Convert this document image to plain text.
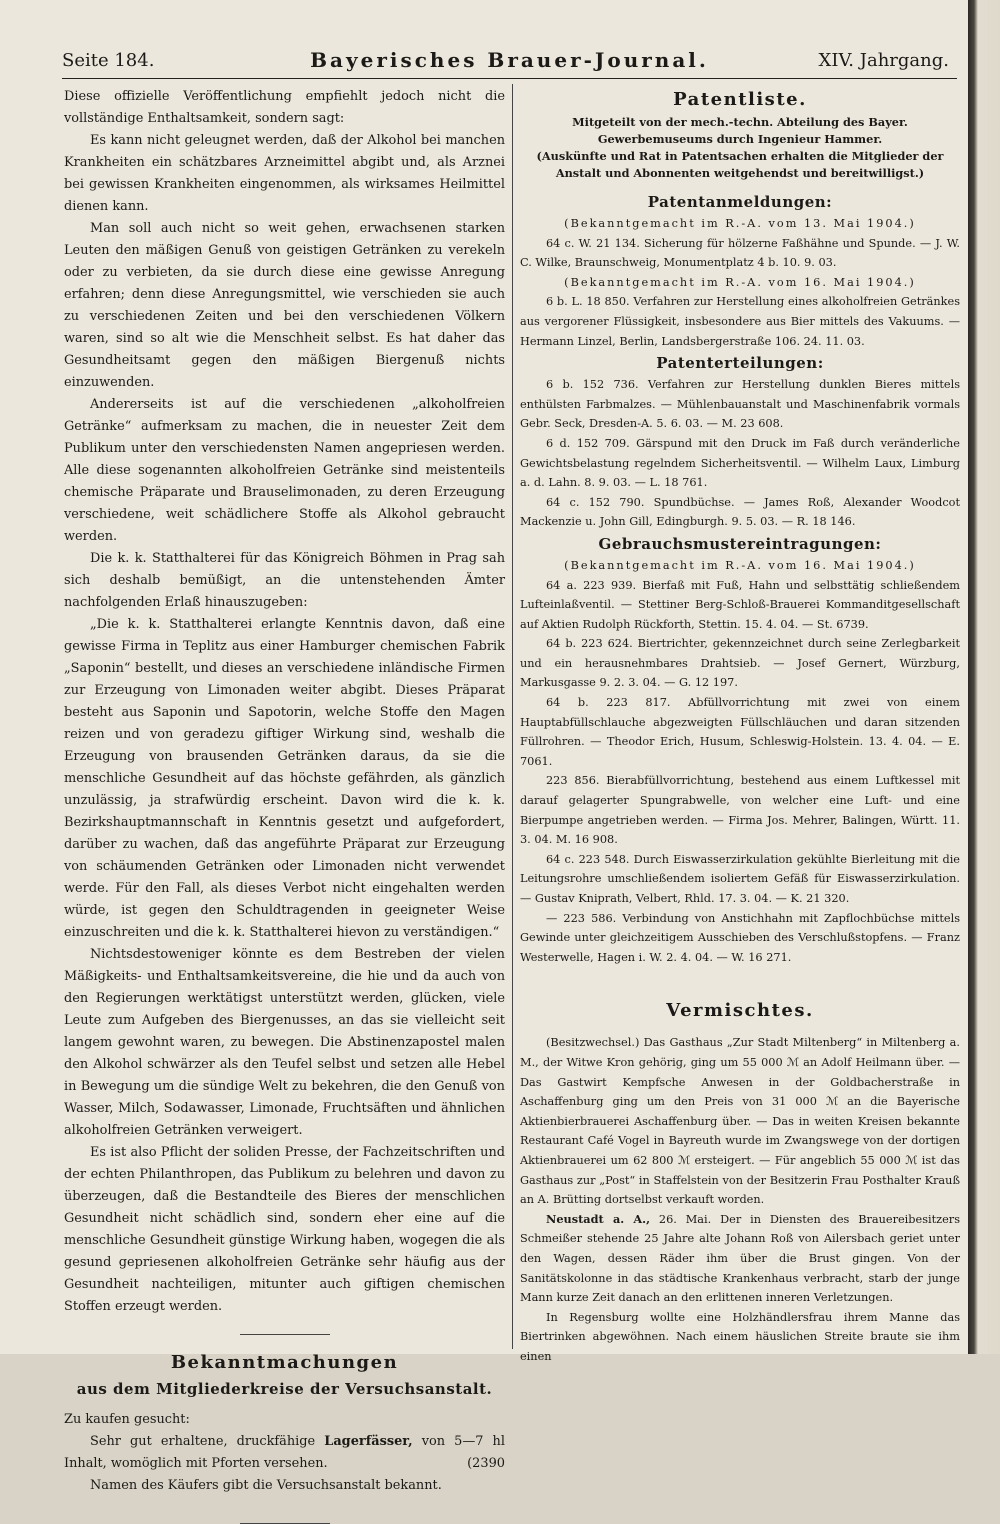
Seite 184.	Bayerisches Brauer-Journal.	XIV. Jahrgang.

Diese offizielle Veröffentlichung empfiehlt jedoch nicht die vollständige Enthaltsamkeit, sondern sagt:

Es kann nicht geleugnet werden, daß der Alkohol bei manchen Krankheiten ein schätzbares Arzneimittel abgibt und, als Arznei bei gewissen Krankheiten eingenommen, als wirksames Heilmittel dienen kann.

Man soll auch nicht so weit gehen, erwachsenen starken Leuten den mäßigen Genuß von geistigen Getränken zu verekeln oder zu verbieten, da sie durch diese eine gewisse Anregung erfahren; denn diese Anregungsmittel, wie verschieden sie auch zu verschiedenen Zeiten und bei den verschiedenen Völkern waren, sind so alt wie die Menschheit selbst. Es hat daher das Gesundheitsamt gegen den mäßigen Biergenuß nichts einzuwenden.

Andererseits ist auf die verschiedenen „alkoholfreien Getränke“ aufmerksam zu machen, die in neuester Zeit dem Publikum unter den verschiedensten Namen angepriesen werden. Alle diese sogenannten alkoholfreien Getränke sind meistenteils chemische Präparate und Brauselimonaden, zu deren Erzeugung verschiedene, weit schädlichere Stoffe als Alkohol gebraucht werden.

Die k. k. Statthalterei für das Königreich Böhmen in Prag sah sich deshalb bemüßigt, an die untenstehenden Ämter nachfolgenden Erlaß hinauszugeben:

„Die k. k. Statthalterei erlangte Kenntnis davon, daß eine gewisse Firma in Teplitz aus einer Hamburger chemischen Fabrik „Saponin“ bestellt, und dieses an verschiedene inländische Firmen zur Erzeugung von Limonaden weiter abgibt. Dieses Präparat besteht aus Saponin und Sapotorin, welche Stoffe den Magen reizen und von geradezu giftiger Wirkung sind, weshalb die Erzeugung von brausenden Getränken daraus, da sie die menschliche Gesundheit auf das höchste gefährden, als gänzlich unzulässig, ja strafwürdig erscheint. Davon wird die k. k. Bezirkshauptmannschaft in Kenntnis gesetzt und aufgefordert, darüber zu wachen, daß das angeführte Präparat zur Erzeugung von schäumenden Getränken oder Limonaden nicht verwendet werde. Für den Fall, als dieses Verbot nicht eingehalten werden würde, ist gegen den Schuldtragenden in geeigneter Weise einzuschreiten und die k. k. Statthalterei hievon zu verständigen.“

Nichtsdestoweniger könnte es dem Bestreben der vielen Mäßigkeits- und Enthaltsamkeitsvereine, die hie und da auch von den Regierungen werktätigst unterstützt werden, glücken, viele Leute zum Aufgeben des Biergenusses, an das sie vielleicht seit langem gewohnt waren, zu bewegen. Die Abstinenzapostel malen den Alkohol schwärzer als den Teufel selbst und setzen alle Hebel in Bewegung um die sündige Welt zu bekehren, die den Genuß von Wasser, Milch, Sodawasser, Limonade, Fruchtsäften und ähnlichen alkoholfreien Getränken verweigert.

Es ist also Pflicht der soliden Presse, der Fachzeitschriften und der echten Philanthropen, das Publikum zu belehren und davon zu überzeugen, daß die Bestandteile des Bieres der menschlichen Gesundheit nicht schädlich sind, sondern eher eine auf die menschliche Gesundheit günstige Wirkung haben, wogegen die als gesund gepriesenen alkoholfreien Getränke sehr häufig aus der Gesundheit nachteiligen, mitunter auch giftigen chemischen Stoffen erzeugt werden.

Bekanntmachungen

aus dem Mitgliederkreise der Versuchsanstalt.

Zu kaufen gesucht:

Sehr gut erhaltene, druckfähige Lagerfässer, von 5—7 hl Inhalt, womöglich mit Pforten versehen.	(2390

Namen des Käufers gibt die Versuchsanstalt bekannt.

Patentliste.

Mitgeteilt von der mech.-techn. Abteilung des Bayer. Gewerbemuseums durch Ingenieur Hammer.

(Auskünfte und Rat in Patentsachen erhalten die Mitglieder der Anstalt und Abonnenten weitgehendst und bereitwilligst.)

Patentanmeldungen:

(Bekanntgemacht im R.-A. vom 13. Mai 1904.)

64 c. W. 21 134. Sicherung für hölzerne Faßhähne und Spunde. — J. W. C. Wilke, Braunschweig, Monumentplatz 4 b. 10. 9. 03.

(Bekanntgemacht im R.-A. vom 16. Mai 1904.)

6 b. L. 18 850. Verfahren zur Herstellung eines alkoholfreien Getränkes aus vergorener Flüssigkeit, insbesondere aus Bier mittels des Vakuums. — Hermann Linzel, Berlin, Landsbergerstraße 106. 24. 11. 03.

Patenterteilungen:

6 b. 152 736. Verfahren zur Herstellung dunklen Bieres mittels enthülsten Farbmalzes. — Mühlenbauanstalt und Maschinenfabrik vormals Gebr. Seck, Dresden-A. 5. 6. 03. — M. 23 608.

6 d. 152 709. Gärspund mit den Druck im Faß durch veränderliche Gewichtsbelastung regelndem Sicherheitsventil. — Wilhelm Laux, Limburg a. d. Lahn. 8. 9. 03. — L. 18 761.

64 c. 152 790. Spundbüchse. — James Roß, Alexander Woodcot Mackenzie u. John Gill, Edingburgh. 9. 5. 03. — R. 18 146.

Gebrauchsmustereintragungen:

(Bekanntgemacht im R.-A. vom 16. Mai 1904.)

64 a. 223 939. Bierfaß mit Fuß, Hahn und selbsttätig schließendem Lufteinlaßventil. — Stettiner Berg-Schloß-Brauerei Kommanditgesellschaft auf Aktien Rudolph Rückforth, Stettin. 15. 4. 04. — St. 6739.

64 b. 223 624. Biertrichter, gekennzeichnet durch seine Zerlegbarkeit und ein herausnehmbares Drahtsieb. — Josef Gernert, Würzburg, Markusgasse 9. 2. 3. 04. — G. 12 197.

64 b. 223 817. Abfüllvorrichtung mit zwei von einem Hauptabfüllschlauche abgezweigten Füllschläuchen und daran sitzenden Füllrohren. — Theodor Erich, Husum, Schleswig-Holstein. 13. 4. 04. — E. 7061.

223 856. Bierabfüllvorrichtung, bestehend aus einem Luftkessel mit darauf gelagerter Spungrabwelle, von welcher eine Luft- und eine Bierpumpe angetrieben werden. — Firma Jos. Mehrer, Balingen, Württ. 11. 3. 04. M. 16 908.

64 c. 223 548. Durch Eiswasserzirkulation gekühlte Bierleitung mit die Leitungsrohre umschließendem isoliertem Gefäß für Eiswasserzirkulation. — Gustav Kniprath, Velbert, Rhld. 17. 3. 04. — K. 21 320.

— 223 586. Verbindung von Anstichhahn mit Zapflochbüchse mittels Gewinde unter gleichzeitigem Ausschieben des Verschlußstopfens. — Franz Westerwelle, Hagen i. W. 2. 4. 04. — W. 16 271.

Vermischtes.

(Besitzwechsel.) Das Gasthaus „Zur Stadt Miltenberg“ in Miltenberg a. M., der Witwe Kron gehörig, ging um 55 000 ℳ an Adolf Heilmann über. — Das Gastwirt Kempfsche Anwesen in der Goldbacherstraße in Aschaffenburg ging um den Preis von 31 000 ℳ an die Bayerische Aktienbierbrauerei Aschaffenburg über. — Das in weiten Kreisen bekannte Restaurant Café Vogel in Bayreuth wurde im Zwangswege von der dortigen Aktienbrauerei um 62 800 ℳ ersteigert. — Für angeblich 55 000 ℳ ist das Gasthaus zur „Post“ in Staffelstein von der Besitzerin Frau Posthalter Krauß an A. Brütting dortselbst verkauft worden.

Neustadt a. A., 26. Mai. Der in Diensten des Brauereibesitzers Schmeißer stehende 25 Jahre alte Johann Roß von Ailersbach geriet unter den Wagen, dessen Räder ihm über die Brust gingen. Von der Sanitätskolonne in das städtische Krankenhaus verbracht, starb der junge Mann kurze Zeit danach an den erlittenen inneren Verletzungen.

In Regensburg wollte eine Holzhändlersfrau ihrem Manne das Biertrinken abgewöhnen. Nach einem häuslichen Streite braute sie ihm einen
